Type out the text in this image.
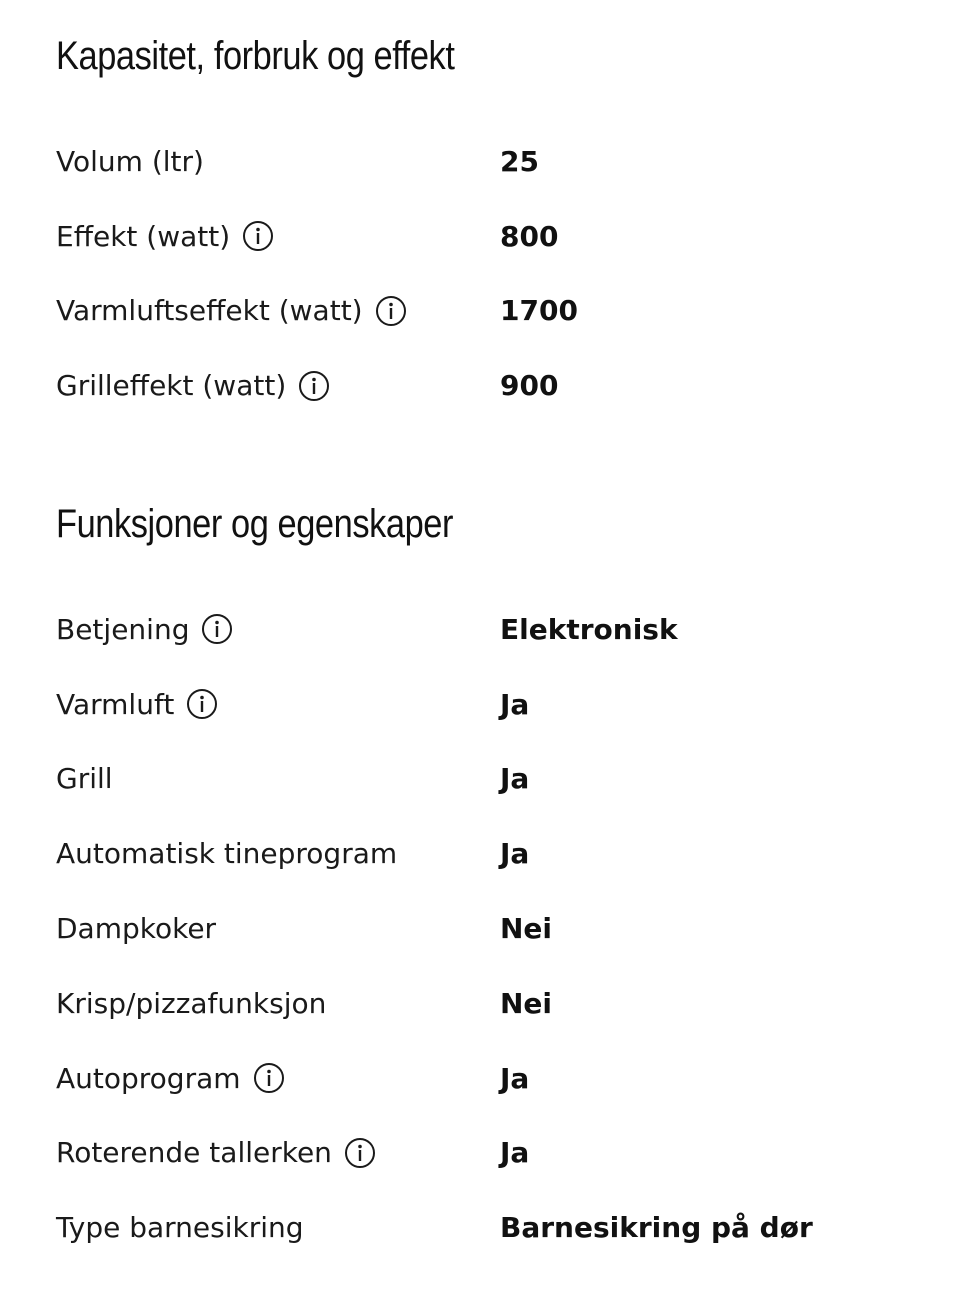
Kapasitet, forbruk og effekt
Volum (ltr)	25
Effekt (watt)	800
Varmluftseffekt (watt)	1700
Grilleffekt (watt)	900
Funksjoner og egenskaper
Betjening	Elektronisk
Varmluft	Ja
Grill	Ja
Automatisk tineprogram	Ja
Dampkoker	Nei
Krisp/pizzafunksjon	Nei
Autoprogram	Ja
Roterende tallerken	Ja
Type barnesikring	Barnesikring på dør
